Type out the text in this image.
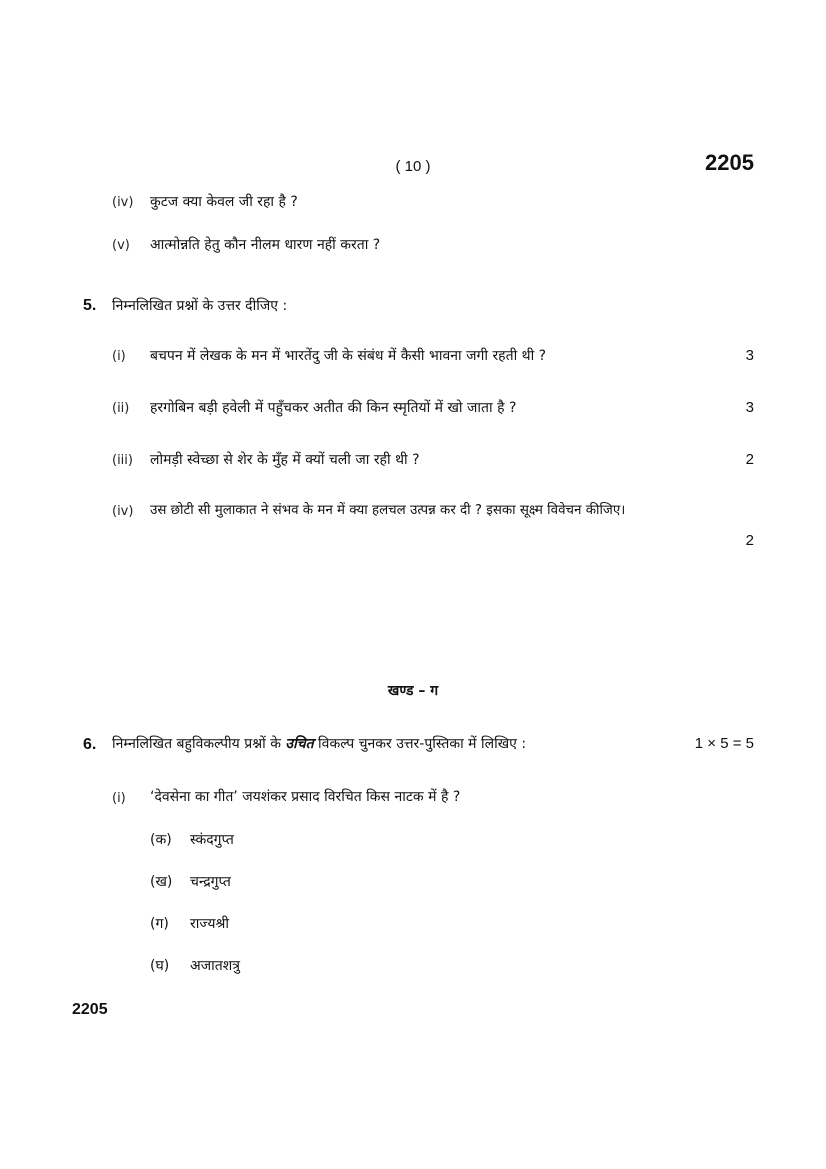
( 10 )	2205
(iv) कुटज क्या केवल जी रहा है ?
(v) आत्मोन्नति हेतु कौन नीलम धारण नहीं करता ?
5. निम्नलिखित प्रश्नों के उत्तर दीजिए :
(i) बचपन में लेखक के मन में भारतेंदु जी के संबंध में कैसी भावना जगी रहती थी ?	3
(ii) हरगोबिन बड़ी हवेली में पहुँचकर अतीत की किन स्मृतियों में खो जाता है ?	3
(iii) लोमड़ी स्वेच्छा से शेर के मुँह में क्यों चली जा रही थी ?	2
(iv) उस छोटी सी मुलाकात ने संभव के मन में क्या हलचल उत्पन्न कर दी ? इसका सूक्ष्म विवेचन कीजिए।
2
खण्ड – ग
6. निम्नलिखित बहुविकल्पीय प्रश्नों के उचित विकल्प चुनकर उत्तर-पुस्तिका में लिखिए :	1 × 5 = 5
(i) ‘देवसेना का गीत’ जयशंकर प्रसाद विरचित किस नाटक में है ?
(क) स्कंदगुप्त
(ख) चन्द्रगुप्त
(ग) राज्यश्री
(घ) अजातशत्रु
2205
